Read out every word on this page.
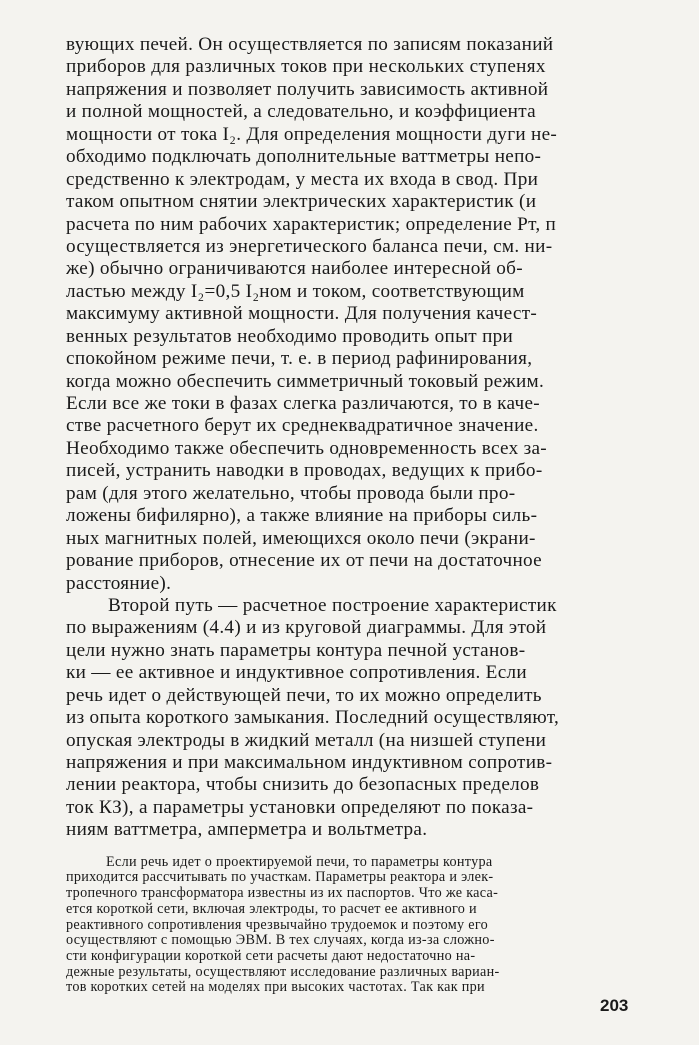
вующих печей. Он осуществляется по записям показаний
приборов для различных токов при нескольких ступенях
напряжения и позволяет получить зависимость активной
и полной мощностей, а следовательно, и коэффициента
мощности от тока I₂. Для определения мощности дуги не-
обходимо подключать дополнительные ваттметры непо-
средственно к электродам, у места их входа в свод. При
таком опытном снятии электрических характеристик (и
расчета по ним рабочих характеристик; определение Pт, п
осуществляется из энергетического баланса печи, см. ни-
же) обычно ограничиваются наиболее интересной об-
ластью между I₂=0,5 I₂ном и током, соответствующим
максимуму активной мощности. Для получения качест-
венных результатов необходимо проводить опыт при
спокойном режиме печи, т. е. в период рафинирования,
когда можно обеспечить симметричный токовый режим.
Если все же токи в фазах слегка различаются, то в каче-
стве расчетного берут их среднеквадратичное значение.
Необходимо также обеспечить одновременность всех за-
писей, устранить наводки в проводах, ведущих к прибо-
рам (для этого желательно, чтобы провода были про-
ложены бифилярно), а также влияние на приборы силь-
ных магнитных полей, имеющихся около печи (экрани-
рование приборов, отнесение их от печи на достаточное
расстояние).
Второй путь — расчетное построение характеристик
по выражениям (4.4) и из круговой диаграммы. Для этой
цели нужно знать параметры контура печной установ-
ки — ее активное и индуктивное сопротивления. Если
речь идет о действующей печи, то их можно определить
из опыта короткого замыкания. Последний осуществляют,
опуская электроды в жидкий металл (на низшей ступени
напряжения и при максимальном индуктивном сопротив-
лении реактора, чтобы снизить до безопасных пределов
ток КЗ), а параметры установки определяют по показа-
ниям ваттметра, амперметра и вольтметра.
Если речь идет о проектируемой печи, то параметры контура
приходится рассчитывать по участкам. Параметры реактора и элек-
тропечного трансформатора известны из их паспортов. Что же каса-
ется короткой сети, включая электроды, то расчет ее активного и
реактивного сопротивления чрезвычайно трудоемок и поэтому его
осуществляют с помощью ЭВМ. В тех случаях, когда из-за сложно-
сти конфигурации короткой сети расчеты дают недостаточно на-
дежные результаты, осуществляют исследование различных вариан-
тов коротких сетей на моделях при высоких частотах. Так как при
203
